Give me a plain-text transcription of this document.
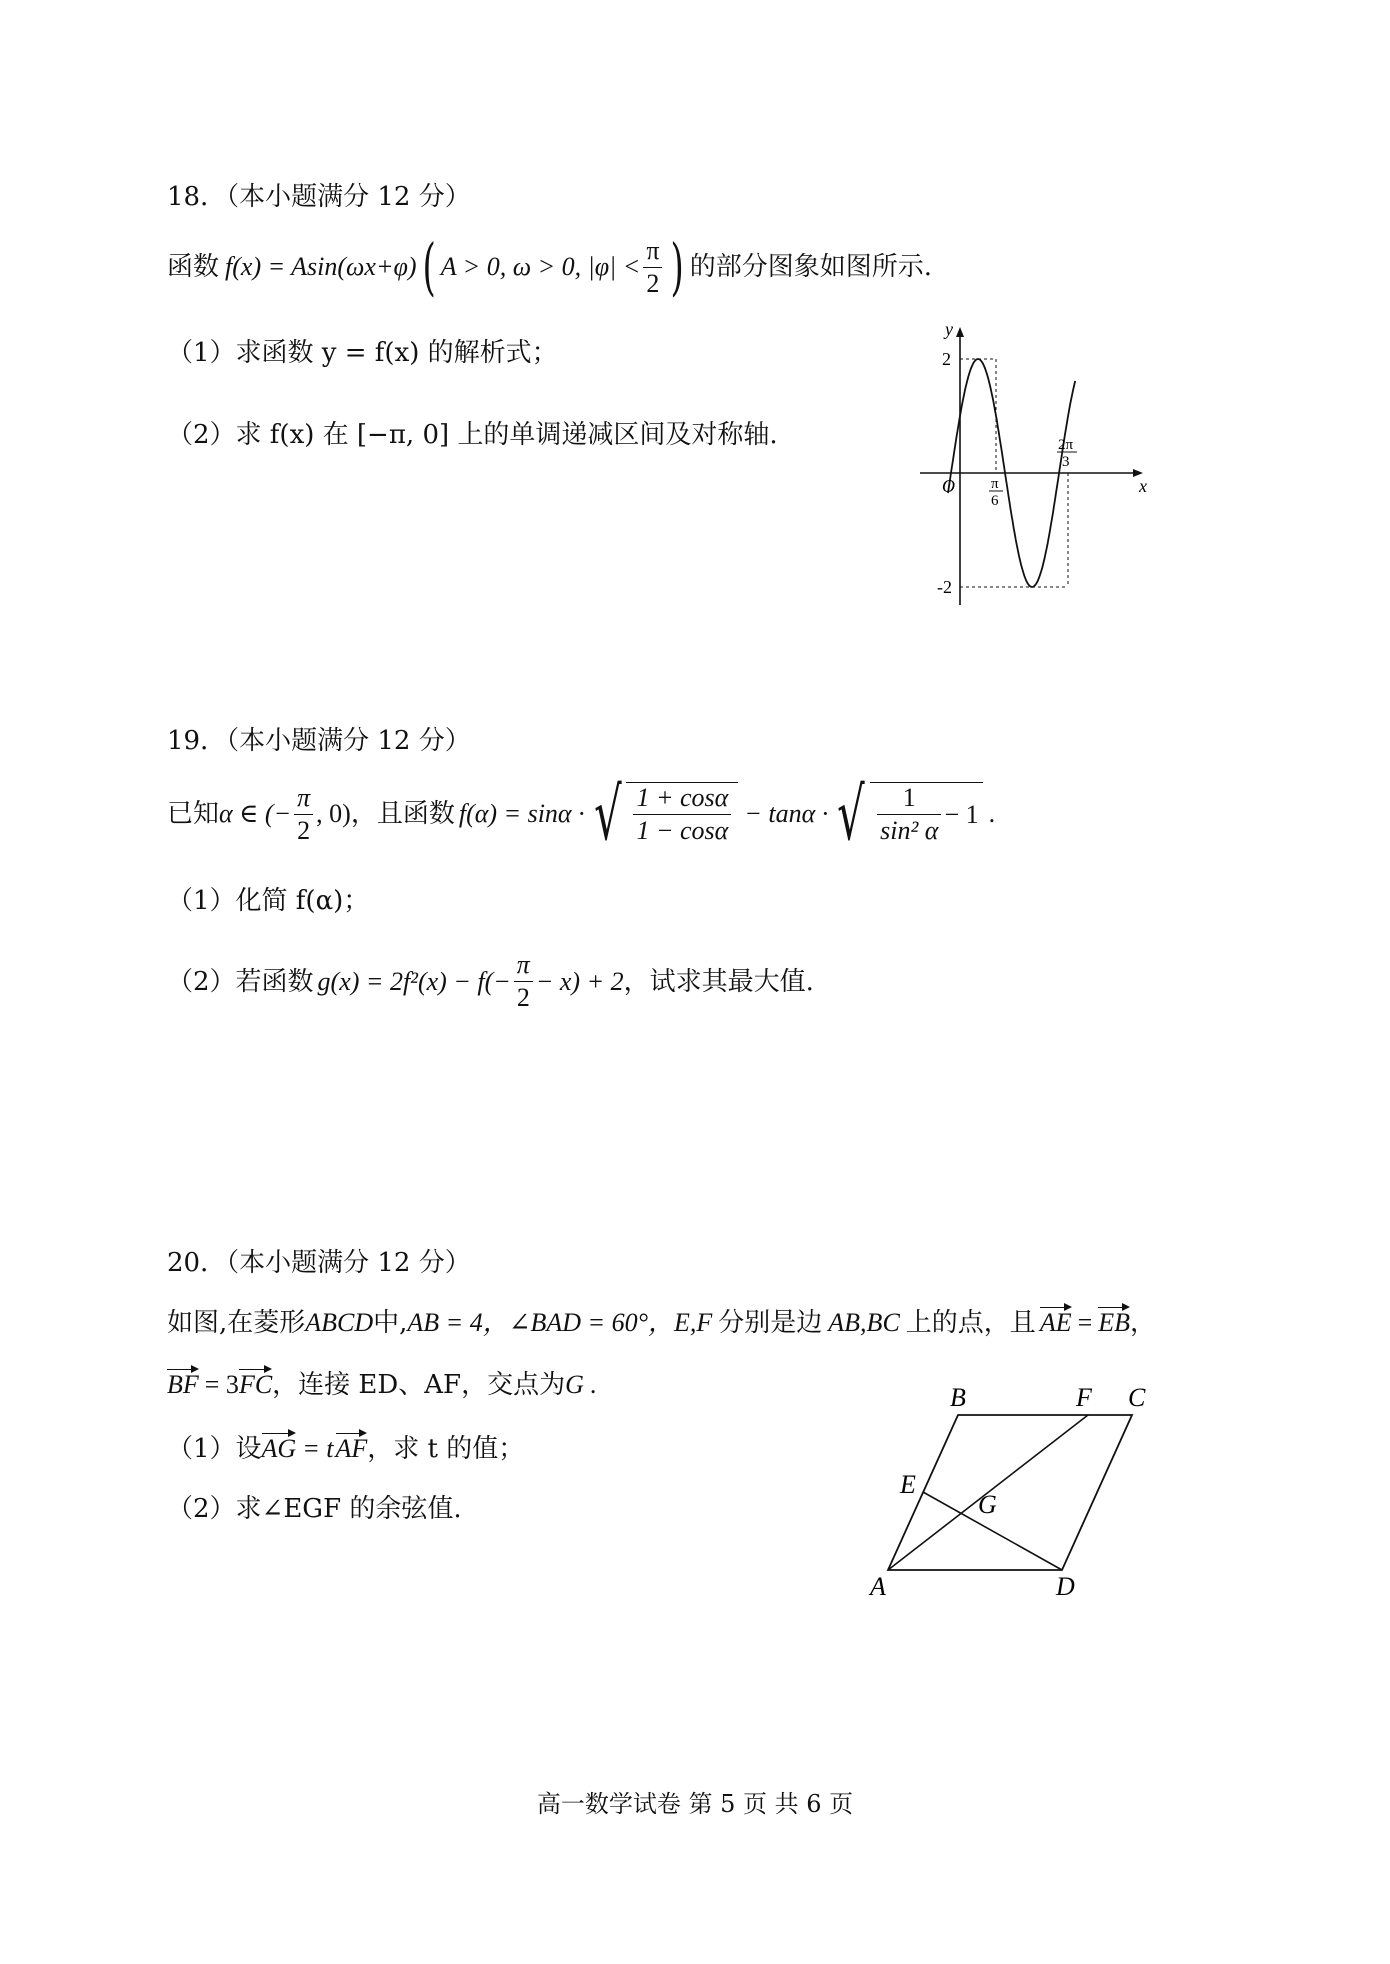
18．（本小题满分 12 分）
函数 f(x) = Asin(ωx+φ) ( A > 0, ω > 0, $|\varphi| < \frac{\pi}{2}$ ) 的部分图象如图所示.
（1）求函数 y = f(x) 的解析式；
（2）求 f(x) 在 [−π, 0] 上的单调递减区间及对称轴.
y
x
O
2
-2
π
6
2π
3
19．（本小题满分 12 分）
已知 α ∈ (− $\frac{\pi}{2}$ , 0) ，且函数 f(α) = sinα · √ $\frac{1 + \cos\alpha}{1 - \cos\alpha} - \tan\alpha$ · √ $\frac{1}{\text{sin² α}} - 1$ .
（1）化简 f(α)；
（2）若函数 $g(x) = 2f^2(x) - f(- \frac{\pi}{2} - x) + 2$ ，试求其最大值.
20．（本小题满分 12 分）
如图,在菱形 ABCD 中, AB = 4 ，∠BAD = 60°， E,F 分别是边 AB,BC 上的点，且 AE = EB ，
BF = 3 FC ，连接 ED、AF，交点为 G .
（1）设 AG = t AF ，求 t 的值；
（2）求∠EGF 的余弦值.
A
B	C
D
E
F
G
高一数学试卷 第 5 页 共 6 页
